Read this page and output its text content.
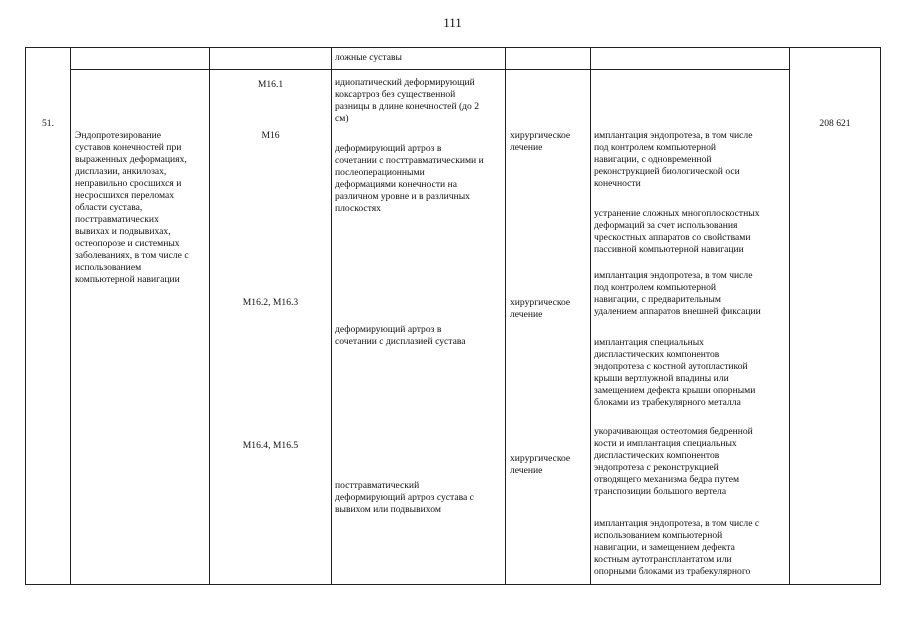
111
51.
ложные суставы
Эндопротезирование
суставов конечностей при
выраженных деформациях,
дисплазии, анкилозах,
неправильно сросшихся и
несросшихся переломах
области сустава,
посттравматических
вывихах и подвывихах,
остеопорозе и системных
заболеваниях, в том числе с
использованием
компьютерной навигации
M16.1
M16
M16.2, M16.3
M16.4, M16.5
идиопатический деформирующий
коксартроз без существенной
разницы в длине конечностей (до 2
см)
деформирующий артроз в
сочетании с посттравматическими и
послеоперационными
деформациями конечности на
различном уровне и в различных
плоскостях
деформирующий артроз в
сочетании с дисплазией сустава
посттравматический
деформирующий артроз сустава с
вывихом или подвывихом
хирургическое
лечение
хирургическое
лечение
хирургическое
лечение
имплантация эндопротеза, в том числе
под контролем компьютерной
навигации, с одновременной
реконструкцией биологической оси
конечности
устранение сложных многоплоскостных
деформаций за счет использования
чрескостных аппаратов со свойствами
пассивной компьютерной навигации
имплантация эндопротеза, в том числе
под контролем компьютерной
навигации, с предварительным
удалением аппаратов внешней фиксации
имплантация специальных
диспластических компонентов
эндопротеза с костной аутопластикой
крыши вертлужной впадины или
замещением дефекта крыши опорными
блоками из трабекулярного металла
укорачивающая остеотомия бедренной
кости и имплантация специальных
диспластических компонентов
эндопротеза с реконструкцией
отводящего механизма бедра путем
транспозиции большого вертела
имплантация эндопротеза, в том числе с
использованием компьютерной
навигации, и замещением дефекта
костным аутотрансплантатом или
опорными блоками из трабекулярного
208 621
